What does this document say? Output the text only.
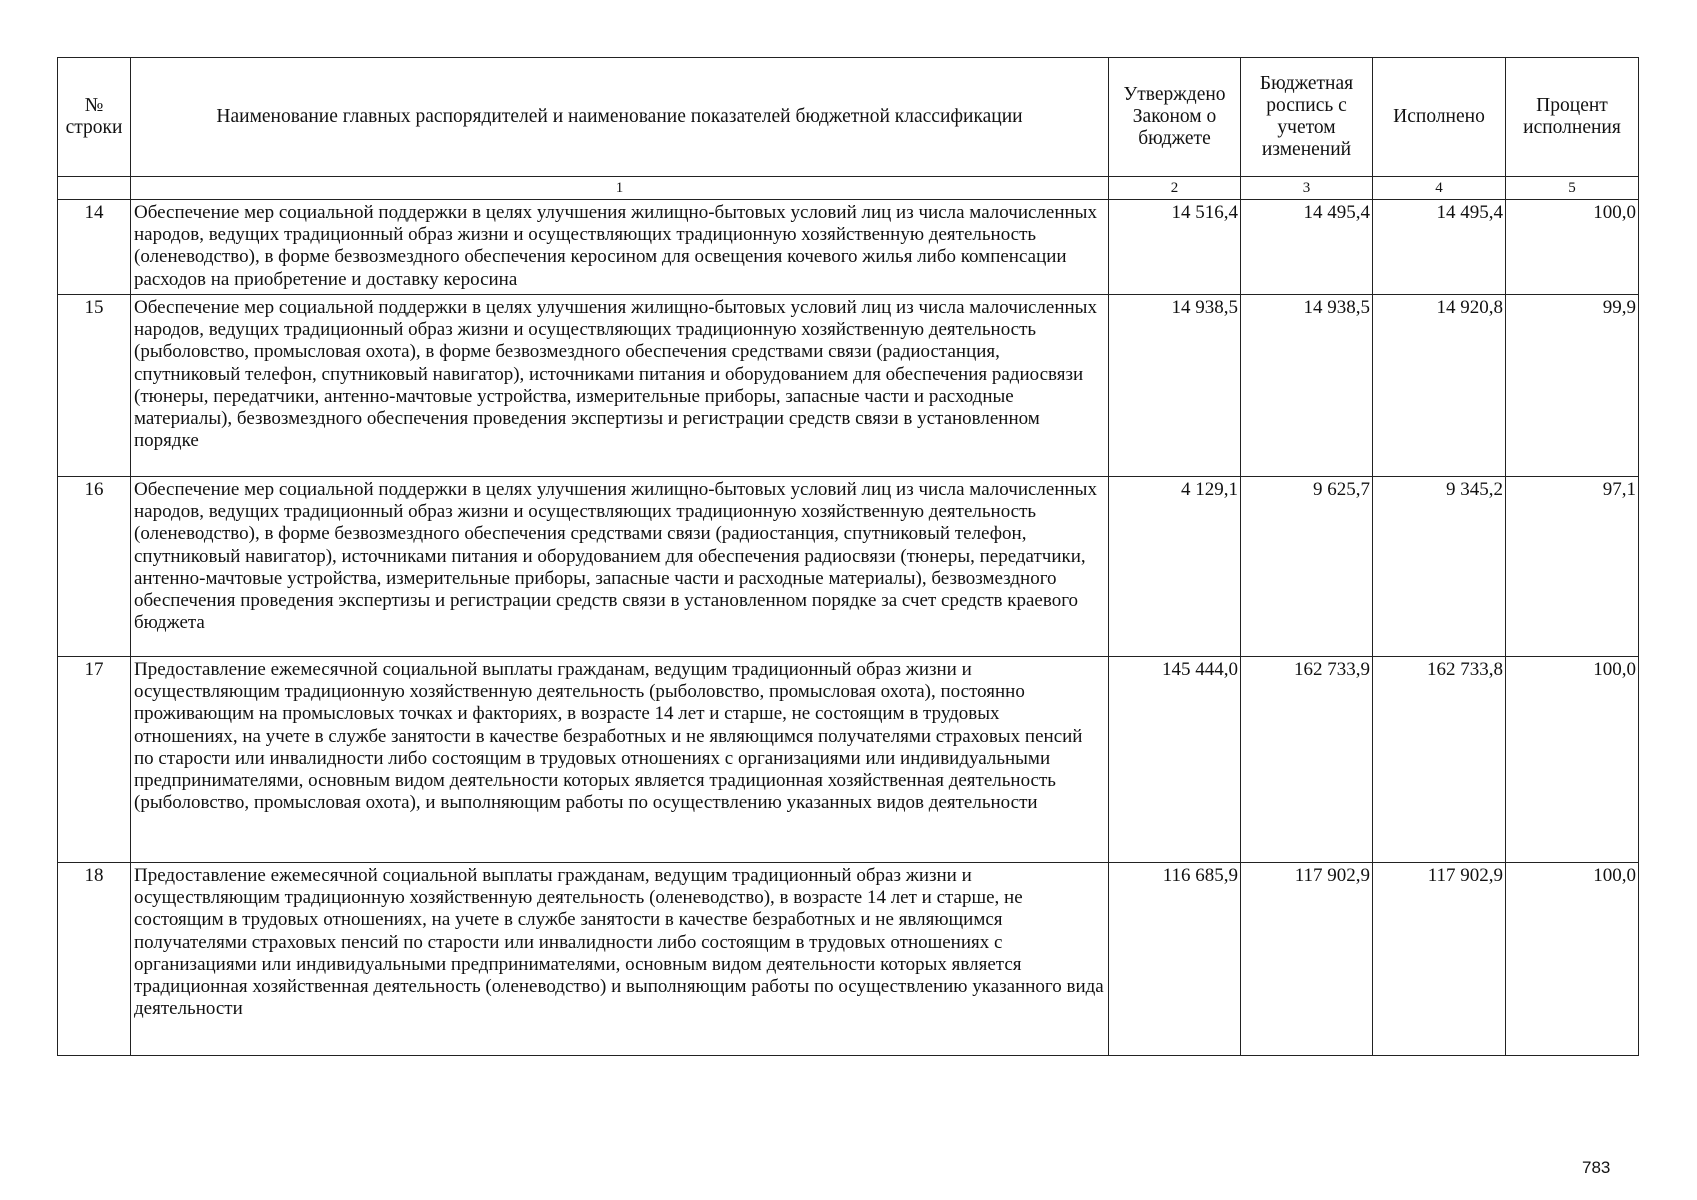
№ строки	Наименование главных распорядителей и наименование показателей бюджетной классификации	Утверждено Законом о бюджете	Бюджетная роспись с учетом изменений	Исполнено	Процент исполнения
	1	2	3	4	5
14	Обеспечение мер социальной поддержки в целях улучшения жилищно-бытовых условий лиц из числа малочисленных народов, ведущих традиционный образ жизни и осуществляющих традиционную хозяйственную деятельность (оленеводство), в форме безвозмездного обеспечения керосином для освещения кочевого жилья либо компенсации расходов на приобретение и доставку керосина	14 516,4	14 495,4	14 495,4	100,0
15	Обеспечение мер социальной поддержки в целях улучшения жилищно-бытовых условий лиц из числа малочисленных народов, ведущих традиционный образ жизни и осуществляющих традиционную хозяйственную деятельность (рыболовство, промысловая охота), в форме безвозмездного обеспечения средствами связи (радиостанция, спутниковый телефон, спутниковый навигатор), источниками питания и оборудованием для обеспечения радиосвязи (тюнеры, передатчики, антенно-мачтовые устройства, измерительные приборы, запасные части и расходные материалы), безвозмездного обеспечения проведения экспертизы и регистрации средств связи в установленном порядке	14 938,5	14 938,5	14 920,8	99,9
16	Обеспечение мер социальной поддержки в целях улучшения жилищно-бытовых условий лиц из числа малочисленных народов, ведущих традиционный образ жизни и осуществляющих традиционную хозяйственную деятельность (оленеводство), в форме безвозмездного обеспечения средствами связи (радиостанция, спутниковый телефон, спутниковый навигатор), источниками питания и оборудованием для обеспечения радиосвязи (тюнеры, передатчики, антенно-мачтовые устройства, измерительные приборы, запасные части и расходные материалы), безвозмездного обеспечения проведения экспертизы и регистрации средств связи в установленном порядке за счет средств краевого бюджета	4 129,1	9 625,7	9 345,2	97,1
17	Предоставление ежемесячной социальной выплаты гражданам, ведущим традиционный образ жизни и осуществляющим традиционную хозяйственную деятельность (рыболовство, промысловая охота), постоянно проживающим на промысловых точках и факториях, в возрасте 14 лет и старше, не состоящим в трудовых отношениях, на учете в службе занятости в качестве безработных и не являющимся получателями страховых пенсий по старости или инвалидности либо состоящим в трудовых отношениях с организациями или индивидуальными предпринимателями, основным видом деятельности которых является традиционная хозяйственная деятельность (рыболовство, промысловая охота), и выполняющим работы по осуществлению указанных видов деятельности	145 444,0	162 733,9	162 733,8	100,0
18	Предоставление ежемесячной социальной выплаты гражданам, ведущим традиционный образ жизни и осуществляющим традиционную хозяйственную деятельность (оленеводство), в возрасте 14 лет и старше, не состоящим в трудовых отношениях, на учете в службе занятости в качестве безработных и не являющимся получателями страховых пенсий по старости или инвалидности либо состоящим в трудовых отношениях с организациями или индивидуальными предпринимателями, основным видом деятельности которых является традиционная хозяйственная деятельность (оленеводство) и выполняющим работы по осуществлению указанного вида деятельности	116 685,9	117 902,9	117 902,9	100,0
783
